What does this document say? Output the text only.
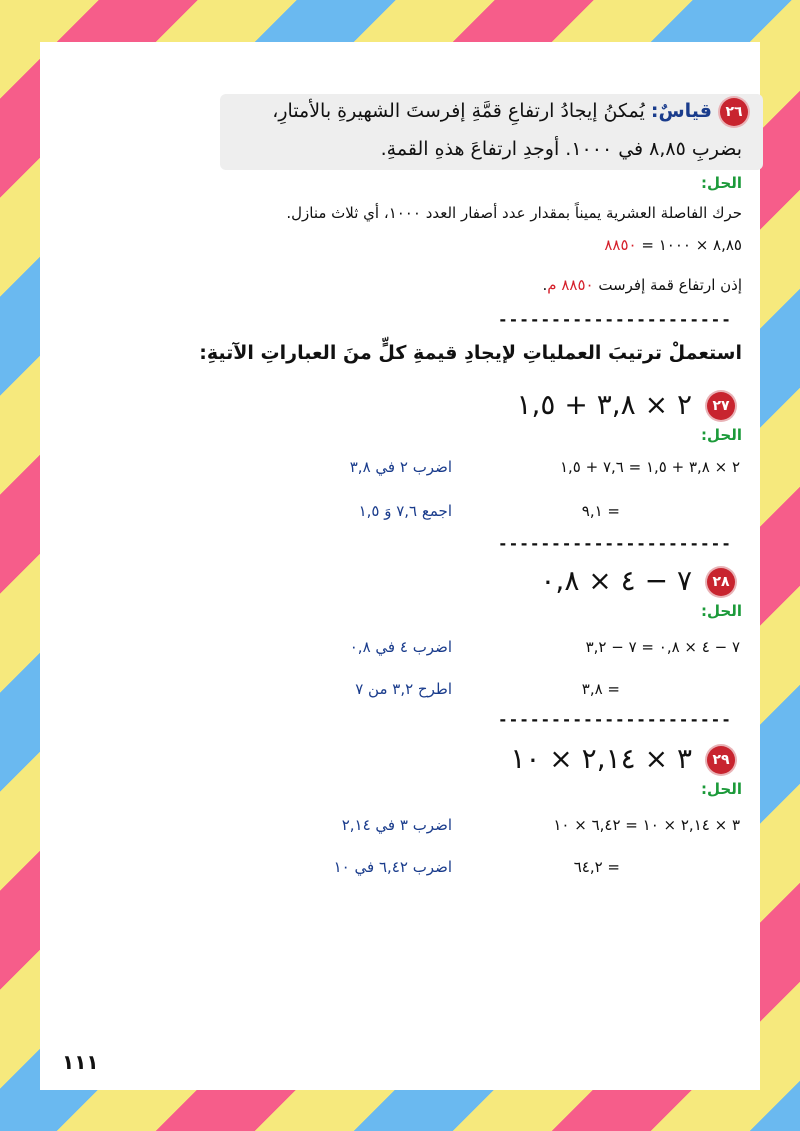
٢٦
قياسٌ: يُمكنُ إيجادُ ارتفاعِ قمَّةِ إفرستَ الشهيرةِ بالأمتارِ،
بضربِ ٨,٨٥ في ١٠٠٠. أوجدِ ارتفاعَ هذهِ القمةِ.
الحل:
حرك الفاصلة العشرية يميناً بمقدار عدد أصفار العدد ١٠٠٠، أي ثلاث منازل.
٨,٨٥ × ١٠٠٠ = ٨٨٥٠
إذن ارتفاع قمة إفرست ٨٨٥٠ م.
----------------------
استعملْ ترتيبَ العملياتِ لإيجادِ قيمةِ كلٍّ منَ العباراتِ الآتيةِ:
٢٧
٢ × ٣,٨ + ١,٥
الحل:
٢ × ٣,٨ + ١,٥ = ٧,٦ + ١,٥
اضرب ٢ في ٣,٨
= ٩,١
اجمع ٧,٦ وَ ١,٥
----------------------
٢٨
٧ − ٤ × ٠,٨
الحل:
٧ − ٤ × ٠,٨ = ٧ − ٣,٢
اضرب ٤ في ٠,٨
= ٣,٨
اطرح ٣,٢ من ٧
----------------------
٢٩
٣ × ٢,١٤ × ١٠
الحل:
٣ × ٢,١٤ × ١٠ = ٦,٤٢ × ١٠
اضرب ٣ في ٢,١٤
= ٦٤,٢
اضرب ٦,٤٢ في ١٠
١١١
